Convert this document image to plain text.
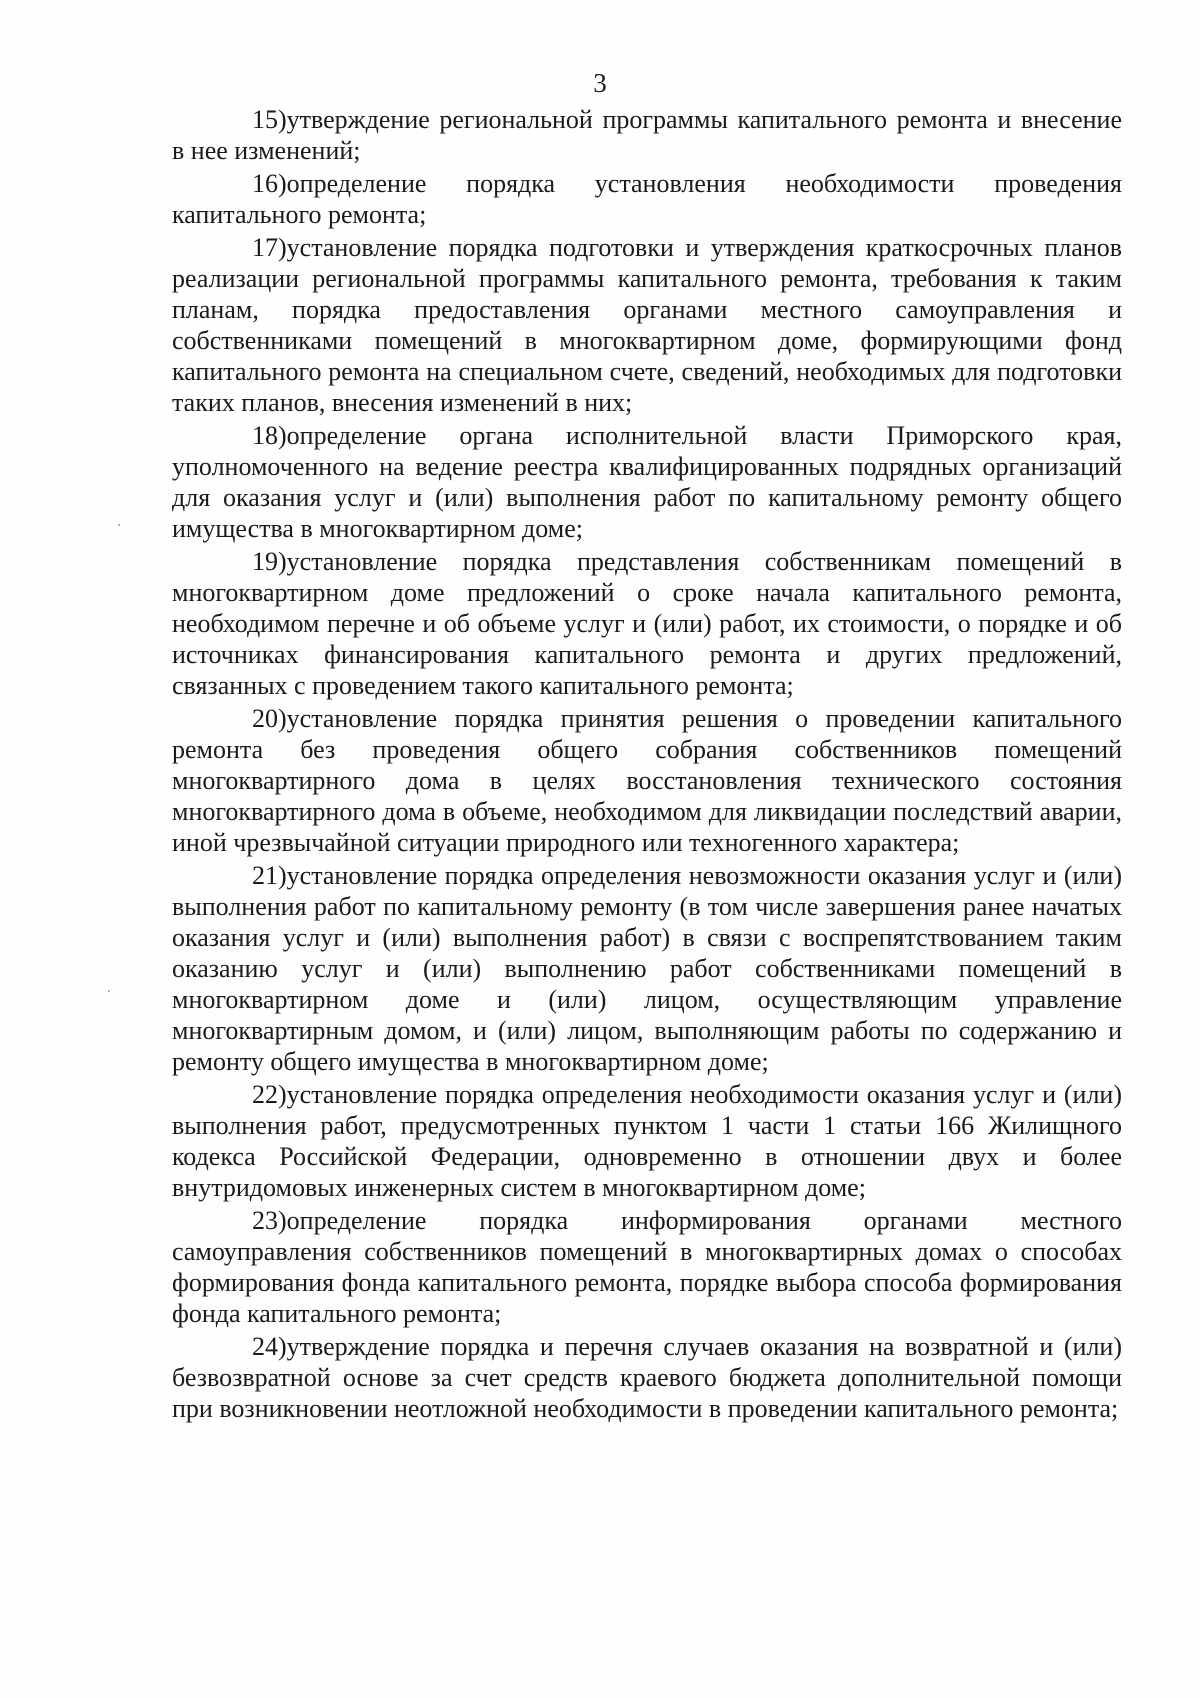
3

15)утверждение региональной программы капитального ремонта и внесение в нее изменений;

16)определение порядка установления необходимости проведения капитального ремонта;

17)установление порядка подготовки и утверждения краткосрочных планов реализации региональной программы капитального ремонта, требования к таким планам, порядка предоставления органами местного самоуправления и собственниками помещений в многоквартирном доме, формирующими фонд капитального ремонта на специальном счете, сведений, необходимых для подготовки таких планов, внесения изменений в них;

18)определение органа исполнительной власти Приморского края, уполномоченного на ведение реестра квалифицированных подрядных организаций для оказания услуг и (или) выполнения работ по капитальному ремонту общего имущества в многоквартирном доме;

19)установление порядка представления собственникам помещений в многоквартирном доме предложений о сроке начала капитального ремонта, необходимом перечне и об объеме услуг и (или) работ, их стоимости, о порядке и об источниках финансирования капитального ремонта и других предложений, связанных с проведением такого капитального ремонта;

20)установление порядка принятия решения о проведении капитального ремонта без проведения общего собрания собственников помещений многоквартирного дома в целях восстановления технического состояния многоквартирного дома в объеме, необходимом для ликвидации последствий аварии, иной чрезвычайной ситуации природного или техногенного характера;

21)установление порядка определения невозможности оказания услуг и (или) выполнения работ по капитальному ремонту (в том числе завершения ранее начатых оказания услуг и (или) выполнения работ) в связи с воспрепятствованием таким оказанию услуг и (или) выполнению работ собственниками помещений в многоквартирном доме и (или) лицом, осуществляющим управление многоквартирным домом, и (или) лицом, выполняющим работы по содержанию и ремонту общего имущества в многоквартирном доме;

22)установление порядка определения необходимости оказания услуг и (или) выполнения работ, предусмотренных пунктом 1 части 1 статьи 166 Жилищного кодекса Российской Федерации, одновременно в отношении двух и более внутридомовых инженерных систем в многоквартирном доме;

23)определение порядка информирования органами местного самоуправления собственников помещений в многоквартирных домах о способах формирования фонда капитального ремонта, порядке выбора способа формирования фонда капитального ремонта;

24)утверждение порядка и перечня случаев оказания на возвратной и (или) безвозвратной основе за счет средств краевого бюджета дополнительной помощи при возникновении неотложной необходимости в проведении капитального ремонта;
